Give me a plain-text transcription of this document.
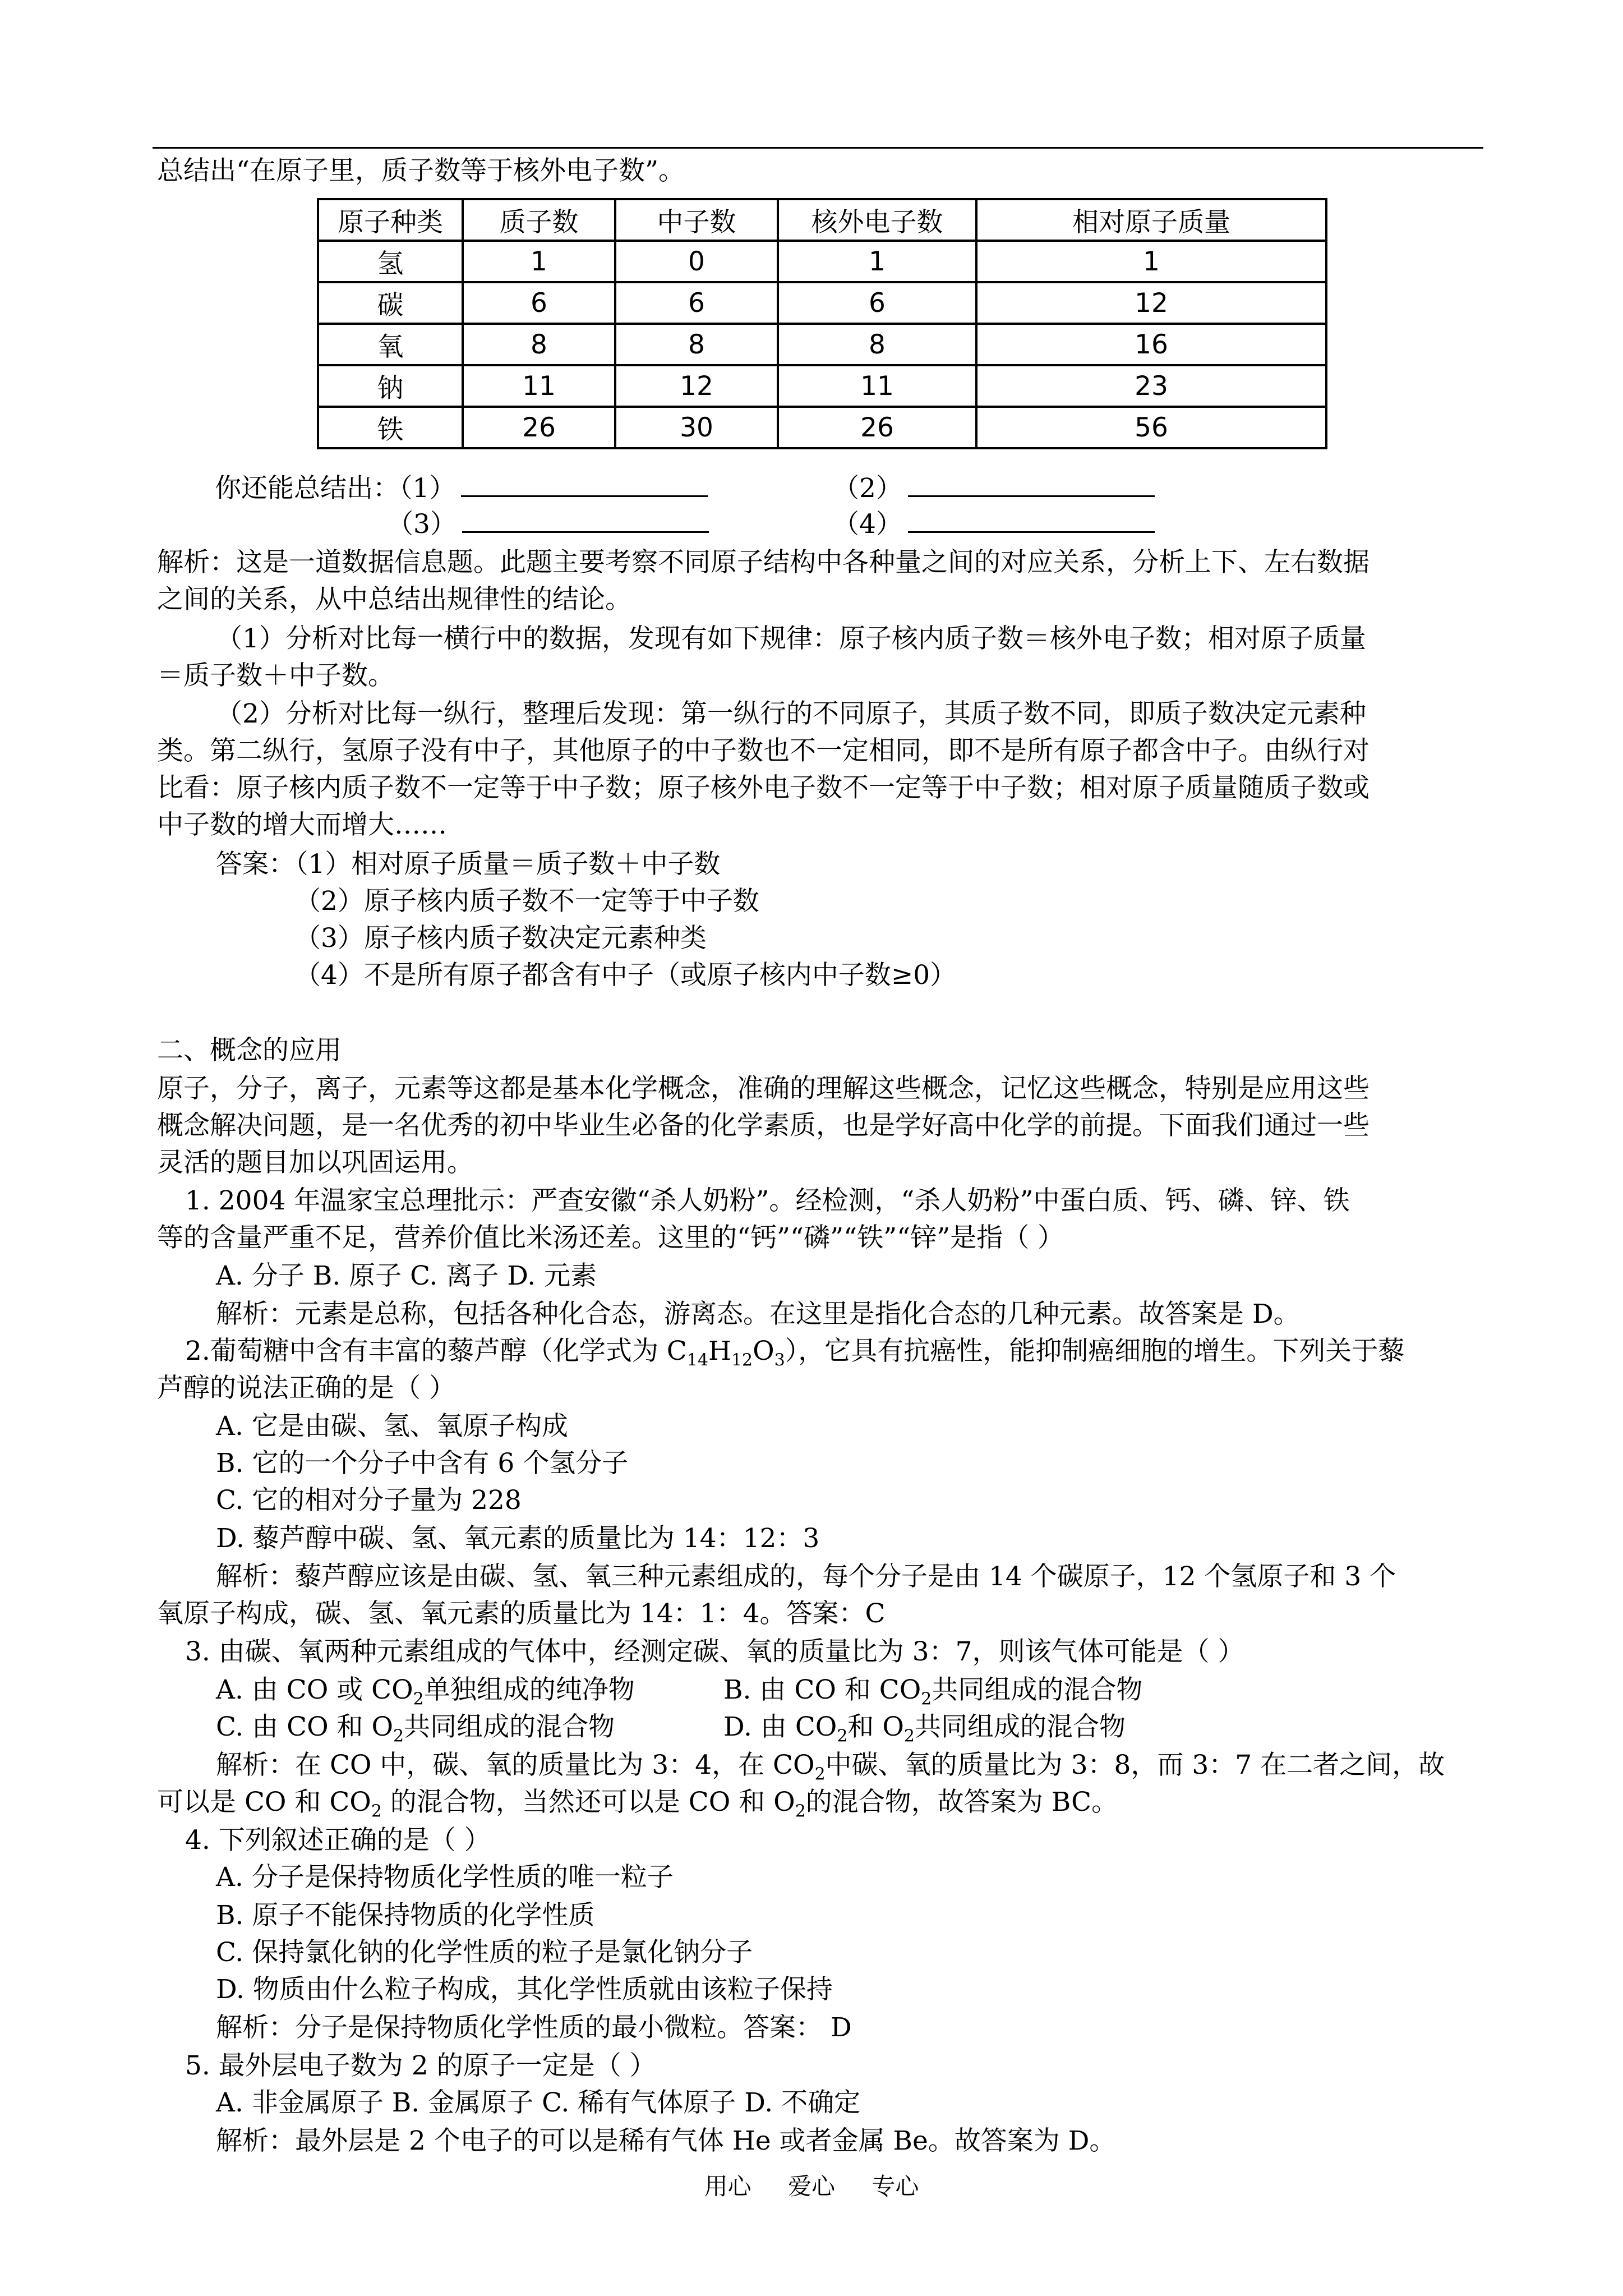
总结出“在原子里，质子数等于核外电子数”。
原子种类	质子数	中子数	核外电子数	相对原子质量
氢	1	0	1	1
碳	6	6	6	12
氧	8	8	8	16
钠	11	12	11	23
铁	26	30	26	56
你还能总结出：（1）	（2）
（3）	（4）
解析：这是一道数据信息题。此题主要考察不同原子结构中各种量之间的对应关系，分析上下、左右数据
之间的关系，从中总结出规律性的结论。
（1）分析对比每一横行中的数据，发现有如下规律：原子核内质子数＝核外电子数；相对原子质量
＝质子数＋中子数。
（2）分析对比每一纵行，整理后发现：第一纵行的不同原子，其质子数不同，即质子数决定元素种
类。第二纵行，氢原子没有中子，其他原子的中子数也不一定相同，即不是所有原子都含中子。由纵行对
比看：原子核内质子数不一定等于中子数；原子核外电子数不一定等于中子数；相对原子质量随质子数或
中子数的增大而增大……
答案：（1）相对原子质量＝质子数＋中子数
（2）原子核内质子数不一定等于中子数
（3）原子核内质子数决定元素种类
（4）不是所有原子都含有中子（或原子核内中子数≥0）
二、概念的应用
原子，分子，离子，元素等这都是基本化学概念，准确的理解这些概念，记忆这些概念，特别是应用这些
概念解决问题，是一名优秀的初中毕业生必备的化学素质，也是学好高中化学的前提。下面我们通过一些
灵活的题目加以巩固运用。
1. 2004 年温家宝总理批示：严查安徽“杀人奶粉”。经检测，“杀人奶粉”中蛋白质、钙、磷、锌、铁
等的含量严重不足，营养价值比米汤还差。这里的“钙”“磷”“铁”“锌”是指（ ）
A. 分子 B. 原子 C. 离子 D. 元素
解析：元素是总称，包括各种化合态，游离态。在这里是指化合态的几种元素。故答案是 D。
2.葡萄糖中含有丰富的藜芦醇（化学式为 $C_{14}H_{12}O_3$），它具有抗癌性，能抑制癌细胞的增生。下列关于藜
芦醇的说法正确的是（ ）
A. 它是由碳、氢、氧原子构成
B. 它的一个分子中含有 6 个氢分子
C. 它的相对分子量为 228
D. 藜芦醇中碳、氢、氧元素的质量比为 14：12：3
解析：藜芦醇应该是由碳、氢、氧三种元素组成的，每个分子是由 14 个碳原子，12 个氢原子和 3 个
氧原子构成，碳、氢、氧元素的质量比为 14：1：4。答案：C
3. 由碳、氧两种元素组成的气体中，经测定碳、氧的质量比为 3：7，则该气体可能是（ ）
A. 由 CO 或 $CO_2$单独组成的纯净物	B. 由 CO 和 $CO_2$共同组成的混合物
C. 由 CO 和 $O_2$共同组成的混合物	D. 由 $CO_2$和 $O_2$共同组成的混合物
解析：在 CO 中，碳、氧的质量比为 3：4，在 $CO_2$中碳、氧的质量比为 3：8，而 3：7 在二者之间，故
可以是 CO 和 $CO_2$ 的混合物，当然还可以是 CO 和 $O_2$的混合物，故答案为 BC。
4. 下列叙述正确的是（ ）
A. 分子是保持物质化学性质的唯一粒子
B. 原子不能保持物质的化学性质
C. 保持氯化钠的化学性质的粒子是氯化钠分子
D. 物质由什么粒子构成，其化学性质就由该粒子保持
解析：分子是保持物质化学性质的最小微粒。答案： D
5. 最外层电子数为 2 的原子一定是（ ）
A. 非金属原子 B. 金属原子 C. 稀有气体原子 D. 不确定
解析：最外层是 2 个电子的可以是稀有气体 He 或者金属 Be。故答案为 D。
用心 爱心 专心
